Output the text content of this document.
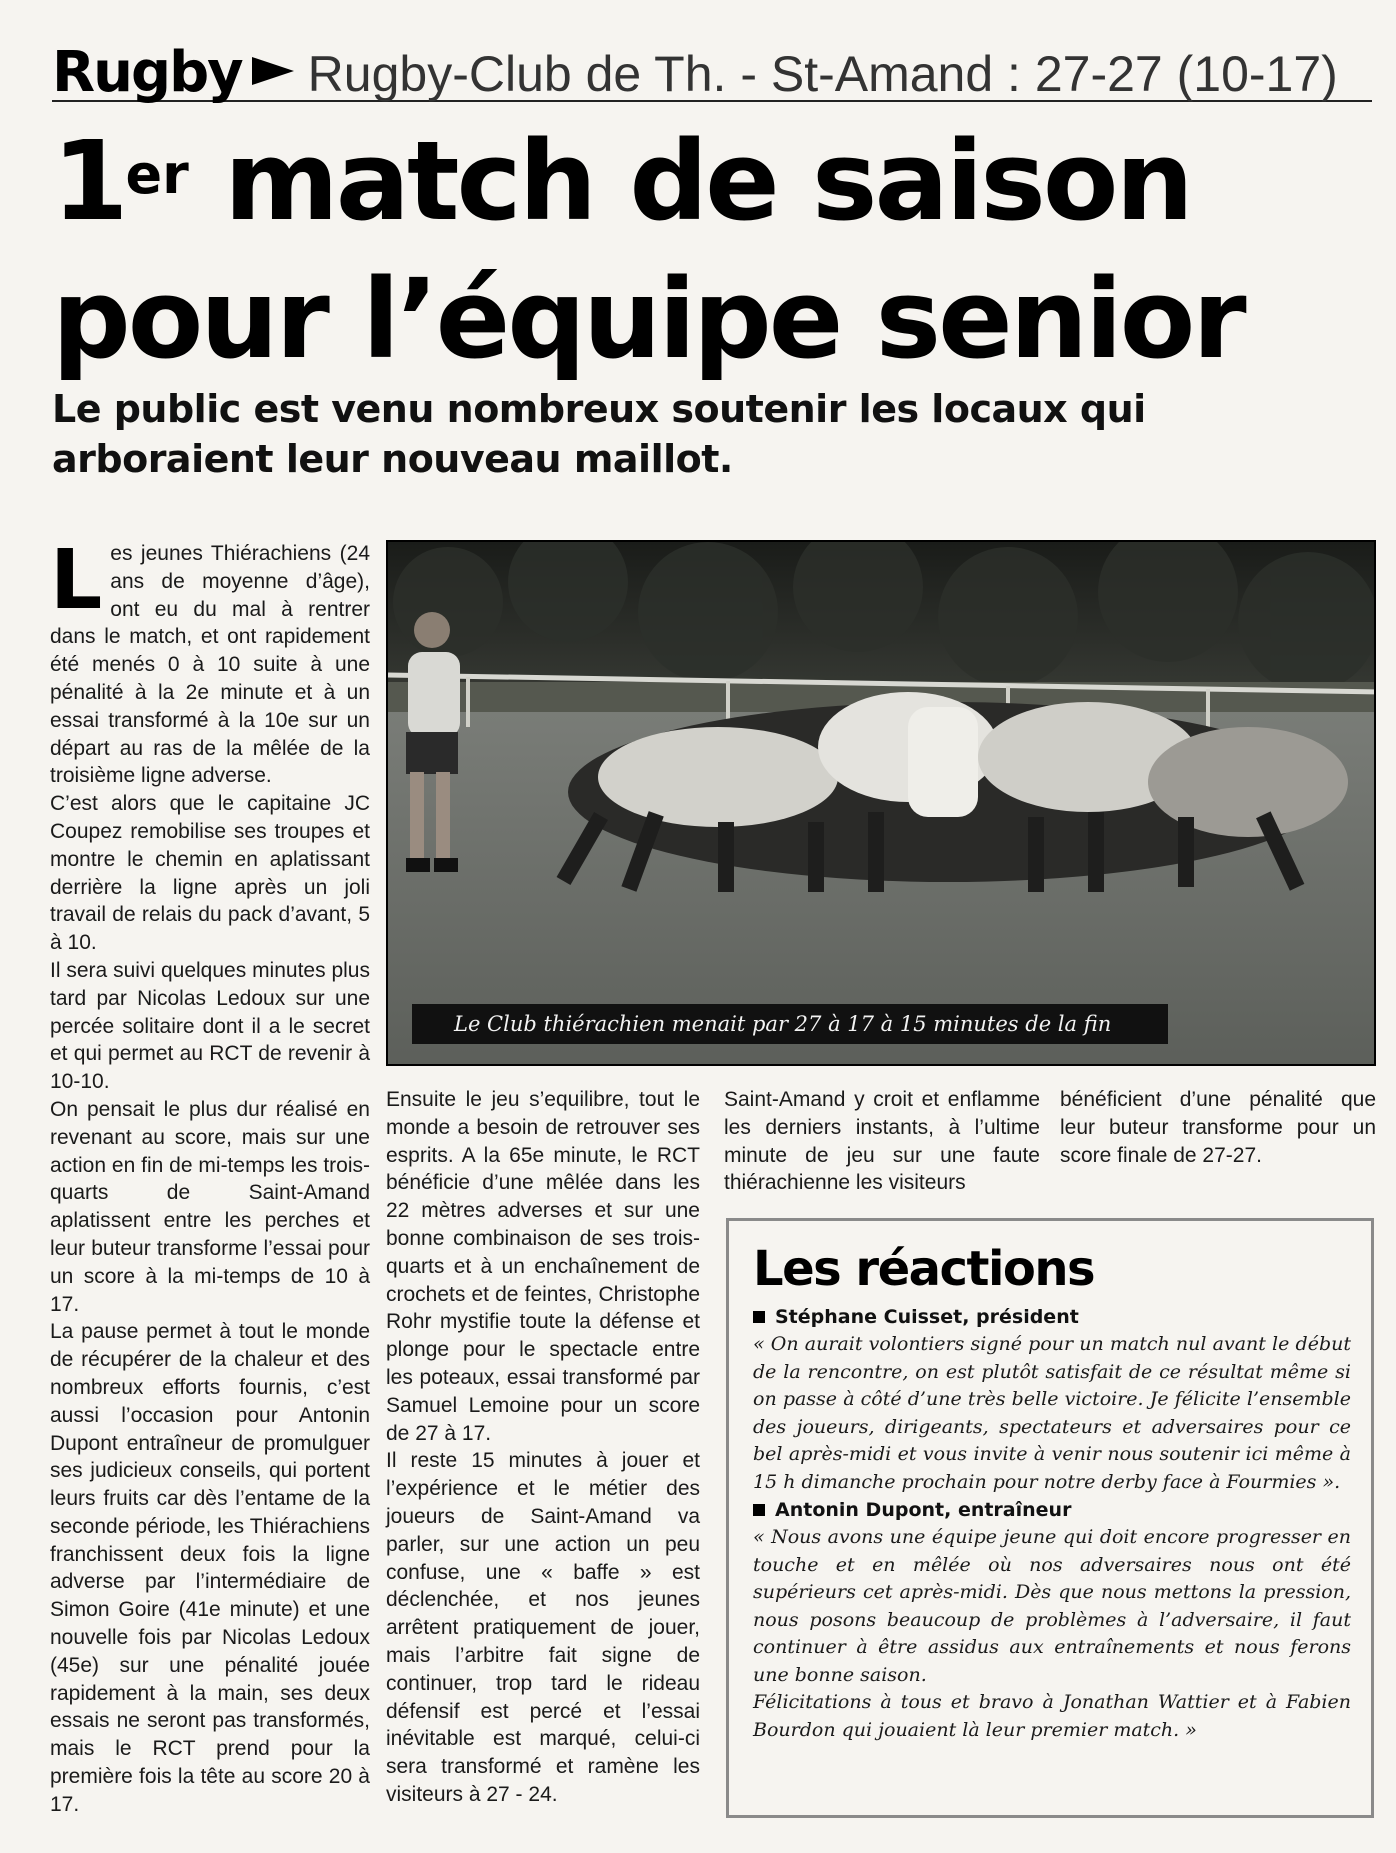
Rugby Rugby-Club de Th. - St-Amand : 27-27 (10-17)
1er match de saison
pour l’équipe senior
Le public est venu nombreux soutenir les locaux qui arboraient leur nouveau maillot.
L es jeunes Thiérachiens (24 ans de moyenne d’âge), ont eu du mal à rentrer dans le match, et ont rapidement été menés 0 à 10 suite à une pénalité à la 2e minute et à un essai transformé à la 10e sur un départ au ras de la mêlée de la troisième ligne adverse.

C’est alors que le capitaine JC Coupez remobilise ses troupes et montre le chemin en aplatissant derrière la ligne après un joli travail de relais du pack d’avant, 5 à 10.

Il sera suivi quelques minutes plus tard par Nicolas Ledoux sur une percée solitaire dont il a le secret et qui permet au RCT de revenir à 10-10.

On pensait le plus dur réalisé en revenant au score, mais sur une action en fin de mi-temps les trois-quarts de Saint-Amand aplatissent entre les perches et leur buteur transforme l’essai pour un score à la mi-temps de 10 à 17.

La pause permet à tout le monde de récupérer de la chaleur et des nombreux efforts fournis, c’est aussi l’occasion pour Antonin Dupont entraîneur de promulguer ses judicieux conseils, qui portent leurs fruits car dès l’entame de la seconde période, les Thiérachiens franchissent deux fois la ligne adverse par l’intermédiaire de Simon Goire (41e minute) et une nouvelle fois par Nicolas Ledoux (45e) sur une pénalité jouée rapidement à la main, ses deux essais ne seront pas transformés, mais le RCT prend pour la première fois la tête au score 20 à 17.

Le Club thiérachien menait par 27 à 17 à 15 minutes de la fin

Ensuite le jeu s’equilibre, tout le monde a besoin de retrouver ses esprits. A la 65e minute, le RCT bénéficie d’une mêlée dans les 22 mètres adverses et sur une bonne combinaison de ses trois-quarts et à un enchaînement de crochets et de feintes, Christophe Rohr mystifie toute la défense et plonge pour le spectacle entre les poteaux, essai transformé par Samuel Lemoine pour un score de 27 à 17.

Il reste 15 minutes à jouer et l’expérience et le métier des joueurs de Saint-Amand va parler, sur une action un peu confuse, une « baffe » est déclenchée, et nos jeunes arrêtent pratiquement de jouer, mais l’arbitre fait signe de continuer, trop tard le rideau défensif est percé et l’essai inévitable est marqué, celui-ci sera transformé et ramène les visiteurs à 27 - 24.

Saint-Amand y croit et enflamme les derniers instants, à l’ultime minute de jeu sur une faute thiérachienne les visiteurs

bénéficient d’une pénalité que leur buteur transforme pour un score finale de 27-27.

Les réactions
Stéphane Cuisset, président

« On aurait volontiers signé pour un match nul avant le début de la rencontre, on est plutôt satisfait de ce résultat même si on passe à côté d’une très belle victoire. Je félicite l’ensemble des joueurs, dirigeants, spectateurs et adversaires pour ce bel après-midi et vous invite à venir nous soutenir ici même à 15 h dimanche prochain pour notre derby face à Fourmies ».

Antonin Dupont, entraîneur

« Nous avons une équipe jeune qui doit encore progresser en touche et en mêlée où nos adversaires nous ont été supérieurs cet après-midi. Dès que nous mettons la pression, nous posons beaucoup de problèmes à l’adversaire, il faut continuer à être assidus aux entraînements et nous ferons une bonne saison.

Félicitations à tous et bravo à Jonathan Wattier et à Fabien Bourdon qui jouaient là leur premier match. »
